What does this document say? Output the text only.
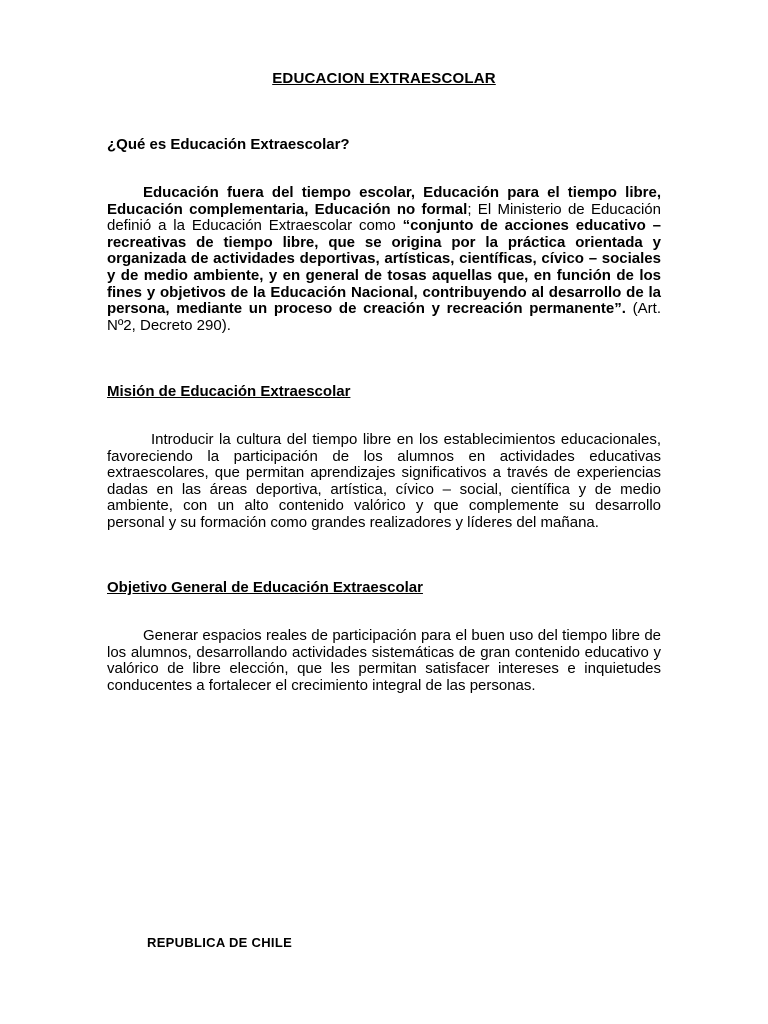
EDUCACION EXTRAESCOLAR
¿Qué es Educación Extraescolar?

Educación fuera del tiempo escolar, Educación para el tiempo libre, Educación complementaria, Educación no formal; El Ministerio de Educación definió a la Educación Extraescolar como “conjunto de acciones educativo – recreativas de tiempo libre, que se origina por la práctica orientada y organizada de actividades deportivas, artísticas, científicas, cívico – sociales y de medio ambiente, y en general de tosas aquellas que, en función de los fines y objetivos de la Educación Nacional, contribuyendo al desarrollo de la persona, mediante un proceso de creación y recreación permanente”. (Art. Nº2, Decreto 290).

Misión de Educación Extraescolar

Introducir la cultura del tiempo libre en los establecimientos educacionales, favoreciendo la participación de los alumnos en actividades educativas extraescolares, que permitan aprendizajes significativos a través de experiencias dadas en las áreas deportiva, artística, cívico – social, científica y de medio ambiente, con un alto contenido valórico y que complemente su desarrollo personal y su formación como grandes realizadores y líderes del mañana.

Objetivo General de Educación Extraescolar

Generar espacios reales de participación para el buen uso del tiempo libre de los alumnos, desarrollando actividades sistemáticas de gran contenido educativo y valórico de libre elección, que les permitan satisfacer intereses e inquietudes conducentes a fortalecer el crecimiento integral de las personas.

REPUBLICA DE CHILE
